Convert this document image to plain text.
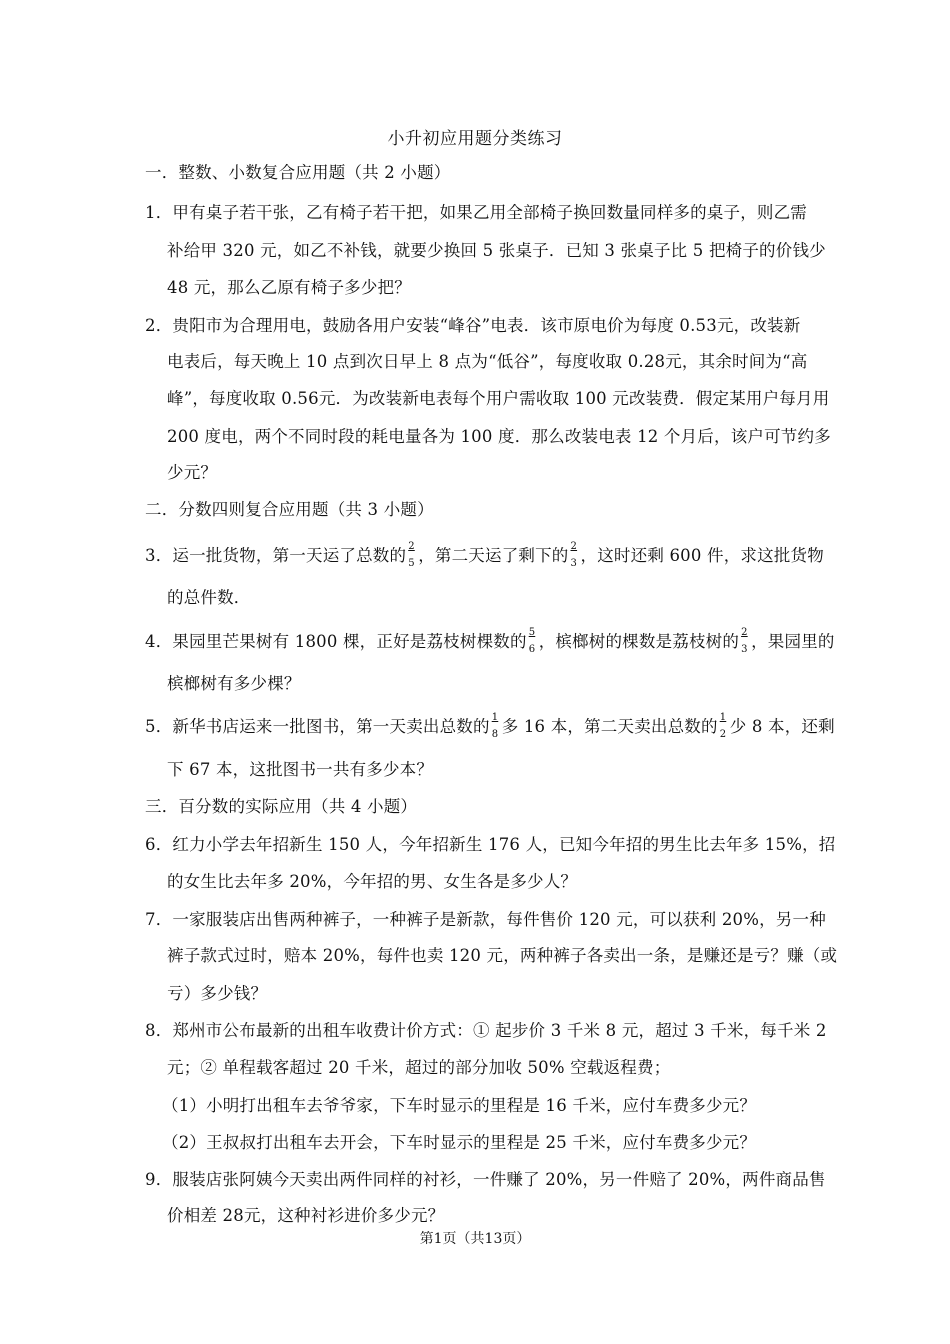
小升初应用题分类练习
一．整数、小数复合应用题（共 2 小题）
1．甲有桌子若干张，乙有椅子若干把，如果乙用全部椅子换回数量同样多的桌子，则乙需
补给甲 320 元，如乙不补钱，就要少换回 5 张桌子．已知 3 张桌子比 5 把椅子的价钱少
48 元，那么乙原有椅子多少把？
2．贵阳市为合理用电，鼓励各用户安装“峰谷”电表．该市原电价为每度 0.53元，改装新
电表后，每天晚上 10 点到次日早上 8 点为“低谷”，每度收取 0.28元，其余时间为“高
峰”，每度收取 0.56元．为改装新电表每个用户需收取 100 元改装费．假定某用户每月用
200 度电，两个不同时段的耗电量各为 100 度．那么改装电表 12 个月后，该户可节约多
少元？
二．分数四则复合应用题（共 3 小题）
3．运一批货物，第一天运了总数的 $\frac{2}{5}$ ，第二天运了剩下的 $\frac{2}{3}$ ，这时还剩 600 件，求这批货物
的总件数．
4．果园里芒果树有 1800 棵，正好是荔枝树棵数的 $\frac{5}{6}$ ，槟榔树的棵数是荔枝树的 $\frac{2}{3}$ ，果园里的
槟榔树有多少棵？
5．新华书店运来一批图书，第一天卖出总数的 $\frac{1}{8}$ 多 16 本，第二天卖出总数的 $\frac{1}{2}$ 少 8 本，还剩
下 67 本，这批图书一共有多少本？
三．百分数的实际应用（共 4 小题）
6．红力小学去年招新生 150 人，今年招新生 176 人，已知今年招的男生比去年多 15%，招
的女生比去年多 20%，今年招的男、女生各是多少人？
7．一家服装店出售两种裤子，一种裤子是新款，每件售价 120 元，可以获利 20%，另一种
裤子款式过时，赔本 20%，每件也卖 120 元，两种裤子各卖出一条，是赚还是亏？赚（或
亏）多少钱？
8．郑州市公布最新的出租车收费计价方式：① 起步价 3 千米 8 元，超过 3 千米，每千米 2
元；② 单程载客超过 20 千米，超过的部分加收 50% 空载返程费；
（1）小明打出租车去爷爷家，下车时显示的里程是 16 千米，应付车费多少元？
（2）王叔叔打出租车去开会，下车时显示的里程是 25 千米，应付车费多少元？
9．服装店张阿姨今天卖出两件同样的衬衫，一件赚了 20%，另一件赔了 20%，两件商品售
价相差 28元，这种衬衫进价多少元？
第1页（共13页）
